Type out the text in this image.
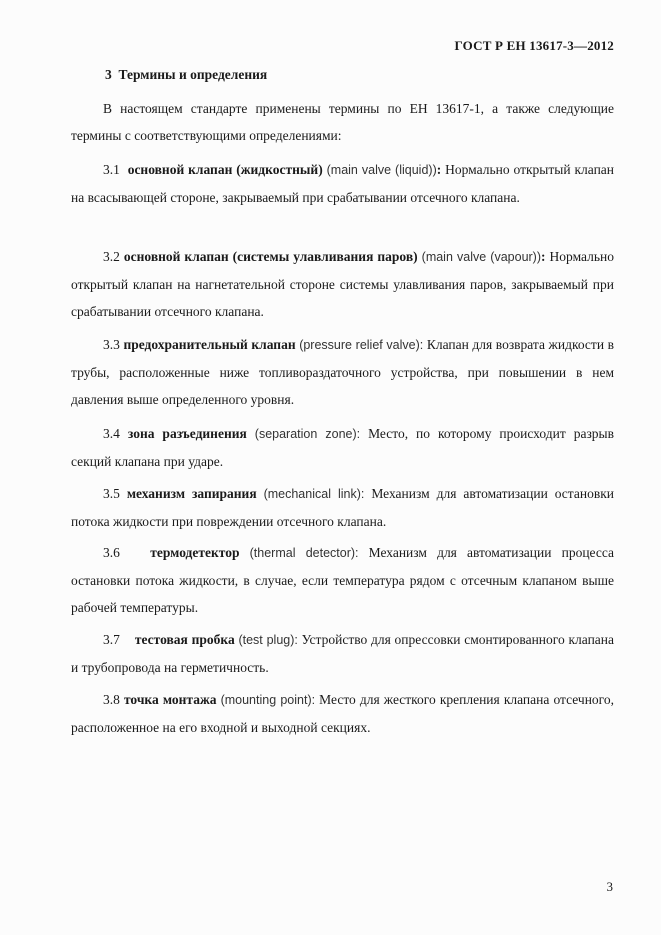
ГОСТ Р ЕН 13617-3—2012
3 Термины и определения
В настоящем стандарте применены термины по ЕН 13617-1, а также следующие термины с соответствующими определениями:
3.1 основной клапан (жидкостный) (main valve (liquid)): Нормально открытый клапан на всасывающей стороне, закрываемый при срабатывании отсечного клапана.
3.2 основной клапан (системы улавливания паров) (main valve (vapour)): Нормально открытый клапан на нагнетательной стороне системы улавливания паров, закрываемый при срабатывании отсечного клапана.
3.3 предохранительный клапан (pressure relief valve): Клапан для возврата жидкости в трубы, расположенные ниже топливораздаточного устройства, при повышении в нем давления выше определенного уровня.
3.4 зона разъединения (separation zone): Место, по которому происходит разрыв секций клапана при ударе.
3.5 механизм запирания (mechanical link): Механизм для автоматизации остановки потока жидкости при повреждении отсечного клапана.
3.6 термодетектор (thermal detector): Механизм для автоматизации процесса остановки потока жидкости, в случае, если температура рядом с отсечным клапаном выше рабочей температуры.
3.7 тестовая пробка (test plug): Устройство для опрессовки смонтированного клапана и трубопровода на герметичность.
3.8 точка монтажа (mounting point): Место для жесткого крепления клапана отсечного, расположенное на его входной и выходной секциях.
3
